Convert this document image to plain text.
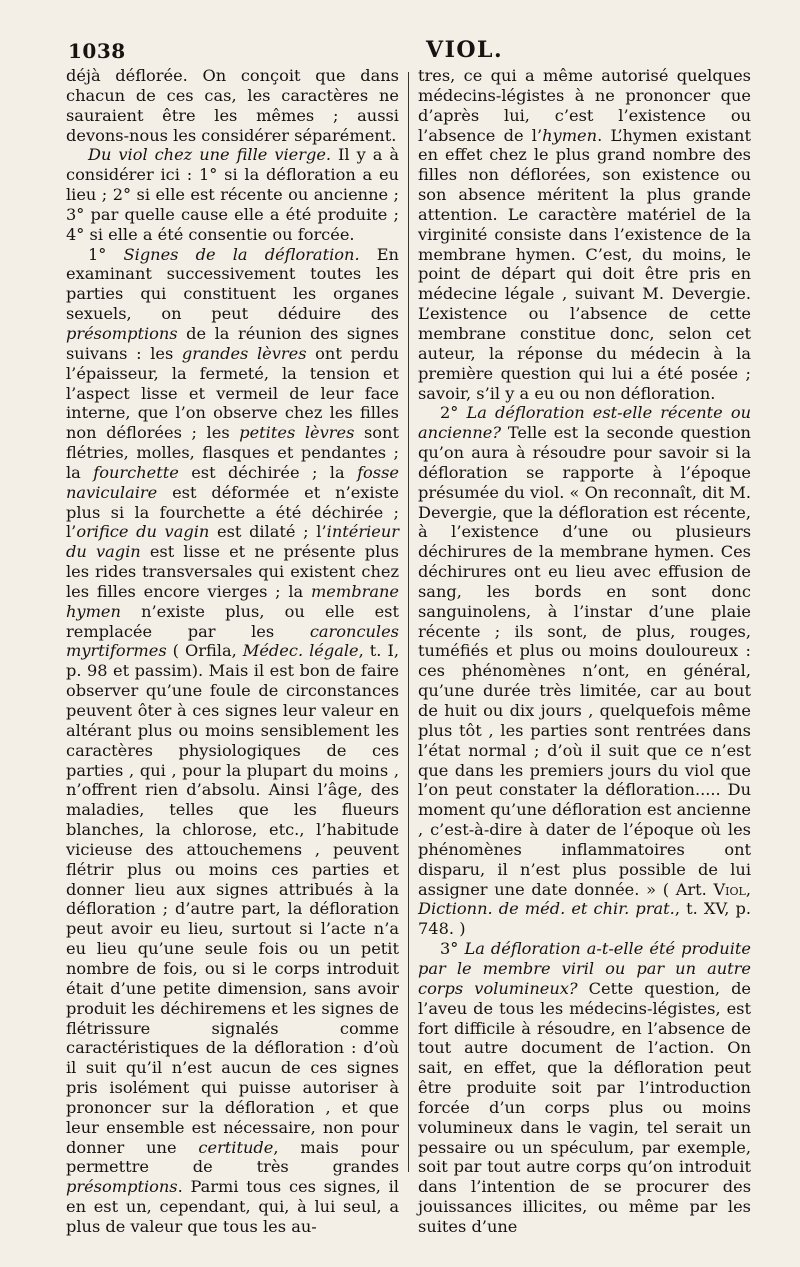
1038	VIOL.

déjà déflorée. On conçoit que dans chacun de ces cas, les caractères ne sauraient être les mêmes ; aussi devons-nous les considérer séparément.

Du viol chez une fille vierge. Il y a à considérer ici : 1° si la défloration a eu lieu ; 2° si elle est récente ou ancienne ; 3° par quelle cause elle a été produite ; 4° si elle a été consentie ou forcée.

1° Signes de la défloration. En examinant successivement toutes les parties qui constituent les organes sexuels, on peut déduire des présomptions de la réunion des signes suivans : les grandes lèvres ont perdu l’épaisseur, la fermeté, la tension et l’aspect lisse et vermeil de leur face interne, que l’on observe chez les filles non déflorées ; les petites lèvres sont flétries, molles, flasques et pendantes ; la fourchette est déchirée ; la fosse naviculaire est déformée et n’existe plus si la fourchette a été déchirée ; l’orifice du vagin est dilaté ; l’intérieur du vagin est lisse et ne présente plus les rides transversales qui existent chez les filles encore vierges ; la membrane hymen n’existe plus, ou elle est remplacée par les caroncules myrtiformes ( Orfila, Médec. légale, t. I, p. 98 et passim). Mais il est bon de faire observer qu’une foule de circonstances peuvent ôter à ces signes leur valeur en altérant plus ou moins sensiblement les caractères physiologiques de ces parties , qui , pour la plupart du moins , n’offrent rien d’absolu. Ainsi l’âge, des maladies, telles que les flueurs blanches, la chlorose, etc., l’habitude vicieuse des attouchemens , peuvent flétrir plus ou moins ces parties et donner lieu aux signes attribués à la défloration ; d’autre part, la défloration peut avoir eu lieu, surtout si l’acte n’a eu lieu qu’une seule fois ou un petit nombre de fois, ou si le corps introduit était d’une petite dimension, sans avoir produit les déchiremens et les signes de flétrissure signalés comme caractéristiques de la défloration : d’où il suit qu’il n’est aucun de ces signes pris isolément qui puisse autoriser à prononcer sur la défloration , et que leur ensemble est nécessaire, non pour donner une certitude, mais pour permettre de très grandes présomptions. Parmi tous ces signes, il en est un, cependant, qui, à lui seul, a plus de valeur que tous les au-

tres, ce qui a même autorisé quelques médecins-légistes à ne prononcer que d’après lui, c’est l’existence ou l’absence de l’hymen. L’hymen existant en effet chez le plus grand nombre des filles non déflorées, son existence ou son absence méritent la plus grande attention. Le caractère matériel de la virginité consiste dans l’existence de la membrane hymen. C’est, du moins, le point de départ qui doit être pris en médecine légale , suivant M. Devergie. L’existence ou l’absence de cette membrane constitue donc, selon cet auteur, la réponse du médecin à la première question qui lui a été posée ; savoir, s’il y a eu ou non défloration.

2° La défloration est-elle récente ou ancienne? Telle est la seconde question qu’on aura à résoudre pour savoir si la défloration se rapporte à l’époque présumée du viol. « On reconnaît, dit M. Devergie, que la défloration est récente, à l’existence d’une ou plusieurs déchirures de la membrane hymen. Ces déchirures ont eu lieu avec effusion de sang, les bords en sont donc sanguinolens, à l’instar d’une plaie récente ; ils sont, de plus, rouges, tuméfiés et plus ou moins douloureux : ces phénomènes n’ont, en général, qu’une durée très limitée, car au bout de huit ou dix jours , quelquefois même plus tôt , les parties sont rentrées dans l’état normal ; d’où il suit que ce n’est que dans les premiers jours du viol que l’on peut constater la défloration..... Du moment qu’une défloration est ancienne , c’est-à-dire à dater de l’époque où les phénomènes inflammatoires ont disparu, il n’est plus possible de lui assigner une date donnée. » ( Art. Viol, Dictionn. de méd. et chir. prat., t. XV, p. 748. )

3° La défloration a-t-elle été produite par le membre viril ou par un autre corps volumineux? Cette question, de l’aveu de tous les médecins-légistes, est fort difficile à résoudre, en l’absence de tout autre document de l’action. On sait, en effet, que la défloration peut être produite soit par l’introduction forcée d’un corps plus ou moins volumineux dans le vagin, tel serait un pessaire ou un spéculum, par exemple, soit par tout autre corps qu’on introduit dans l’intention de se procurer des jouissances illicites, ou même par les suites d’une
